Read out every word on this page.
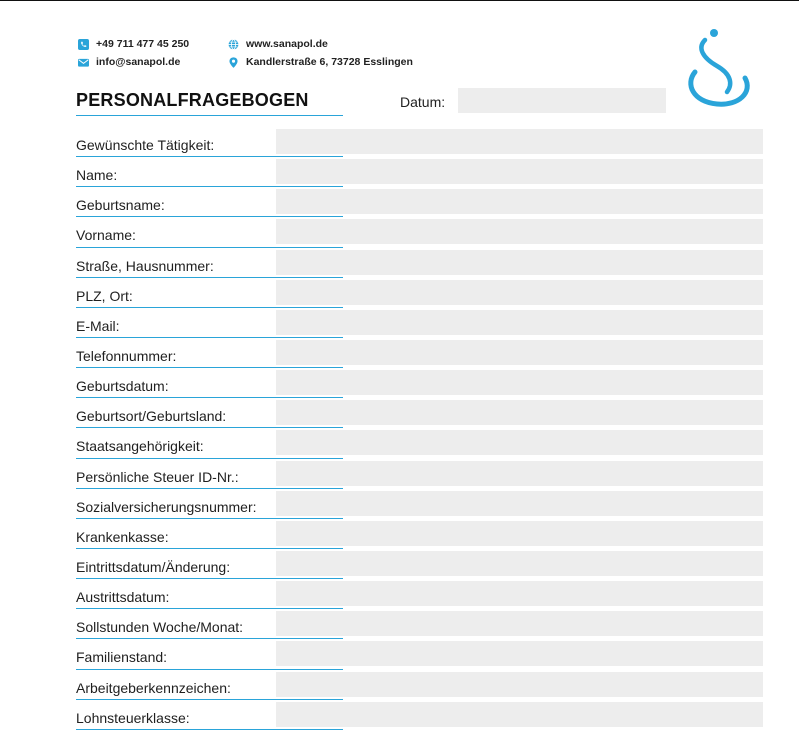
+49 711 477 45 250
info@sanapol.de
www.sanapol.de
Kandlerstraße 6, 73728 Esslingen
PERSONALFRAGEBOGEN	Datum:
Gewünschte Tätigkeit:
Name:
Geburtsname:
Vorname:
Straße, Hausnummer:
PLZ, Ort:
E-Mail:
Telefonnummer:
Geburtsdatum:
Geburtsort/Geburtsland:
Staatsangehörigkeit:
Persönliche Steuer ID-Nr.:
Sozialversicherungsnummer:
Krankenkasse:
Eintrittsdatum/Änderung:
Austrittsdatum:
Sollstunden Woche/Monat:
Familienstand:
Arbeitgeberkennzeichen:
Lohnsteuerklasse:
